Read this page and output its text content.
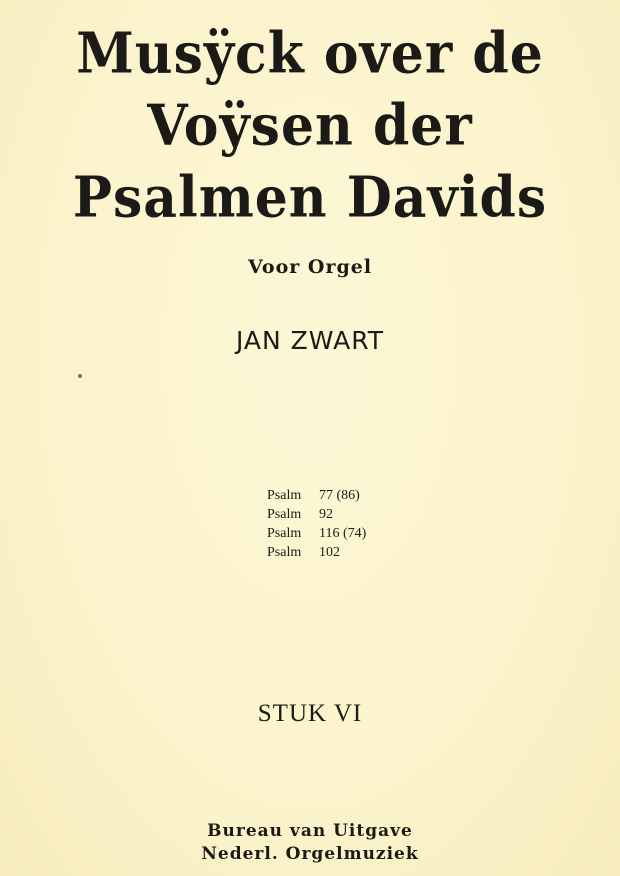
Musÿck over de
Voÿsen der
Psalmen Davids
Voor Orgel
JAN ZWART
Psalm	77 (86)
Psalm	92
Psalm	116 (74)
Psalm	102
STUK VI
Bureau van Uitgave
Nederl. Orgelmuziek
